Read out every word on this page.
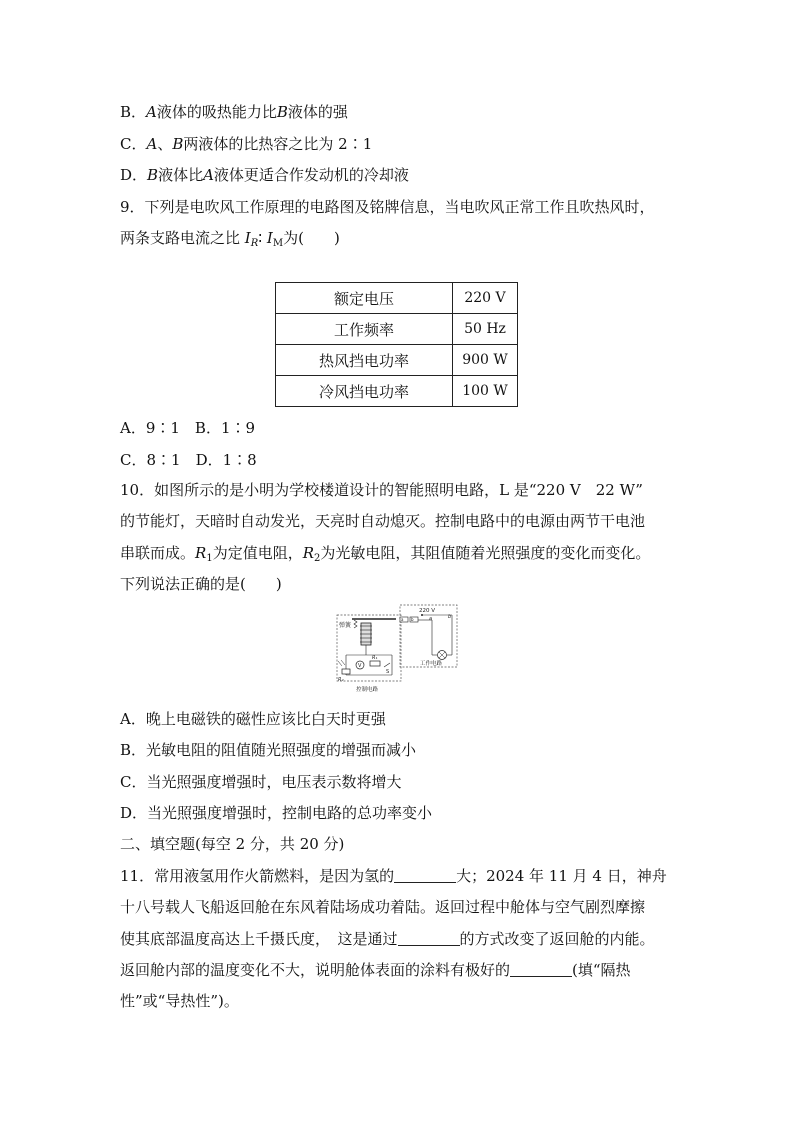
B．A液体的吸热能力比B液体的强
C．A、B两液体的比热容之比为 2∶1
D．B液体比A液体更适合作发动机的冷却液
9．下列是电吹风工作原理的电路图及铭牌信息，当电吹风正常工作且吹热风时，
两条支路电流之比 $I_R∶$ $I_M$为(　　)
额定电压	220 V
工作频率	50 Hz
热风挡电功率	900 W
冷风挡电功率	100 W
A．9∶1　B．1∶9
C．8∶1　D．1∶8
10．如图所示的是小明为学校楼道设计的智能照明电路，L 是“220 V　22 W”
的节能灯，天暗时自动发光，天亮时自动熄灭。控制电路中的电源由两节干电池
串联而成。$R_1$为定值电阻，$R_2$为光敏电阻，其阻值随着光照强度的变化而变化。
下列说法正确的是(　　)
弹簧
a b
220 V
a	b
工作电路
V
R₁
S
R₂
控制电路
A．晚上电磁铁的磁性应该比白天时更强
B．光敏电阻的阻值随光照强度的增强而减小
C．当光照强度增强时，电压表示数将增大
D．当光照强度增强时，控制电路的总功率变小
二、填空题(每空 2 分，共 20 分)
11．常用液氢用作火箭燃料，是因为氢的	大；2024 年 11 月 4 日，神舟
十八号载人飞船返回舱在东风着陆场成功着陆。返回过程中舱体与空气剧烈摩擦
使其底部温度高达上千摄氏度，　这是通过	的方式改变了返回舱的内能。
返回舱内部的温度变化不大，说明舱体表面的涂料有极好的	(填“隔热
性”或“导热性”)。
